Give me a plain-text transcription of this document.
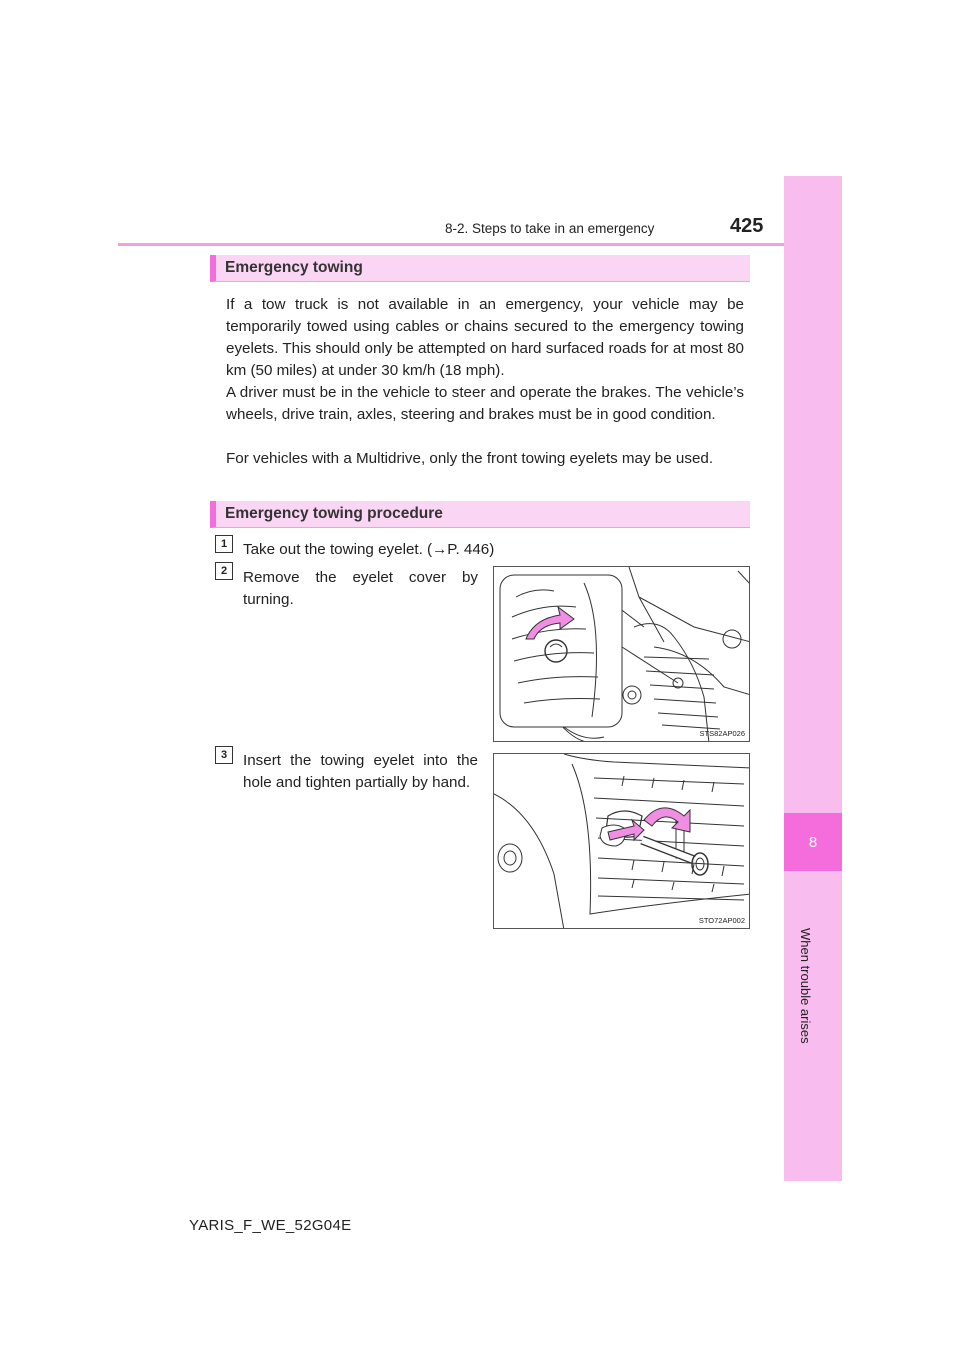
8-2. Steps to take in an emergency	425
8
When trouble arises
Emergency towing
If a tow truck is not available in an emergency, your vehicle may be temporarily towed using cables or chains secured to the emergency towing eyelets. This should only be attempted on hard surfaced roads for at most 80 km (50 miles) at under 30 km/h (18 mph).
A driver must be in the vehicle to steer and operate the brakes. The vehicle’s wheels, drive train, axles, steering and brakes must be in good condition.
For vehicles with a Multidrive, only the front towing eyelets may be used.
Emergency towing procedure
1	Take out the towing eyelet. (→P. 446)
2	Remove the eyelet cover by turning.
3	Insert the towing eyelet into the hole and tighten partially by hand.
STS82AP026
STO72AP002
YARIS_F_WE_52G04E
